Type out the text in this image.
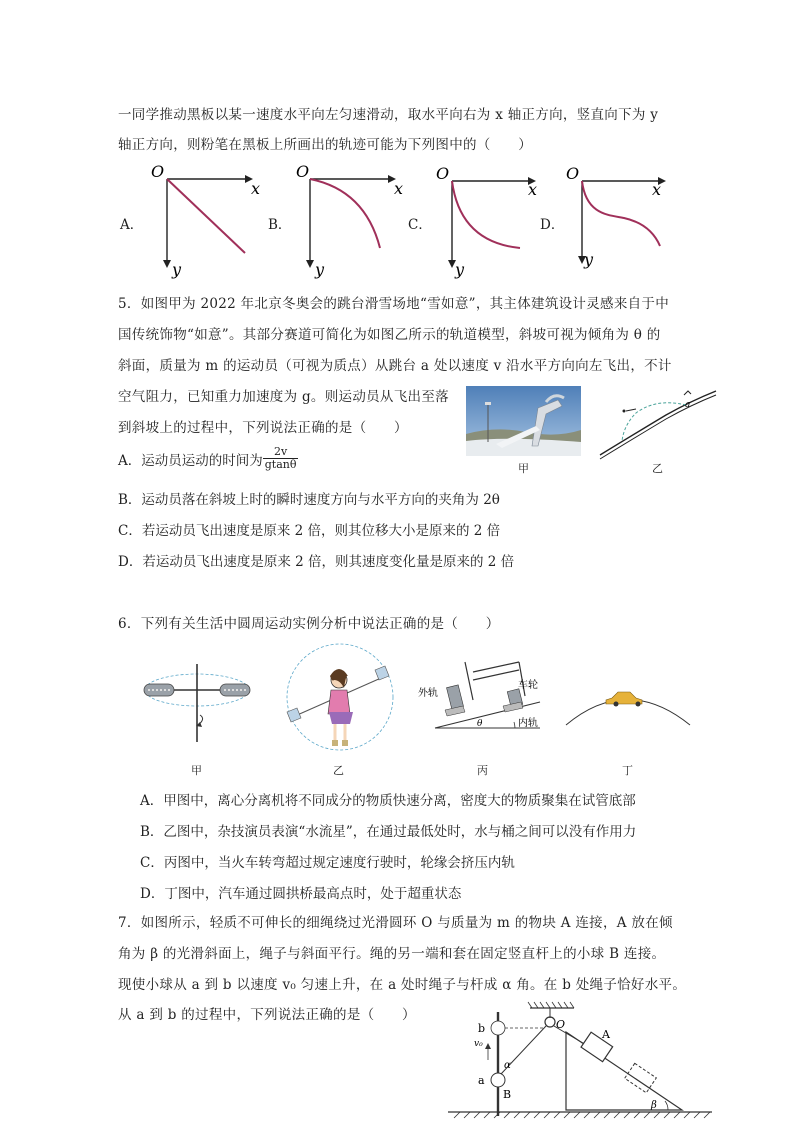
一同学推动黑板以某一速度水平向左匀速滑动，取水平向右为 x 轴正方向，竖直向下为 y
轴正方向，则粉笔在黑板上所画出的轨迹可能为下列图中的（　　）
A．
O
x
y
B．
O
x
y
C．
O
x
y
D．
O
x
y
5．如图甲为 2022 年北京冬奥会的跳台滑雪场地“雪如意”，其主体建筑设计灵感来自于中
国传统饰物“如意”。其部分赛道可简化为如图乙所示的轨道模型，斜坡可视为倾角为 θ 的
斜面，质量为 m 的运动员（可视为质点）从跳台 a 处以速度 v 沿水平方向向左飞出，不计
空气阻力，已知重力加速度为 g。则运动员从飞出至落
到斜坡上的过程中，下列说法正确的是（　　）
甲
a
乙
A．运动员运动的时间为 $\frac{2v}{gtan\theta}$
B．运动员落在斜坡上时的瞬时速度方向与水平方向的夹角为 2θ
C．若运动员飞出速度是原来 2 倍，则其位移大小是原来的 2 倍
D．若运动员飞出速度是原来 2 倍，则其速度变化量是原来的 2 倍
6．下列有关生活中圆周运动实例分析中说法正确的是（　　）
甲	乙
外轨
车轮
内轨
θ
丙	丁
A．甲图中，离心分离机将不同成分的物质快速分离，密度大的物质聚集在试管底部
B．乙图中，杂技演员表演“水流星”，在通过最低处时，水与桶之间可以没有作用力
C．丙图中，当火车转弯超过规定速度行驶时，轮缘会挤压内轨
D．丁图中，汽车通过圆拱桥最高点时，处于超重状态
7．如图所示，轻质不可伸长的细绳绕过光滑圆环 O 与质量为 m 的物块 A 连接，A 放在倾
角为 β 的光滑斜面上，绳子与斜面平行。绳的另一端和套在固定竖直杆上的小球 B 连接。
现使小球从 a 到 b 以速度 v₀ 匀速上升，在 a 处时绳子与杆成 α 角。在 b 处绳子恰好水平。
从 a 到 b 的过程中，下列说法正确的是（　　）
O
b
v₀
a
B
α
A
β
